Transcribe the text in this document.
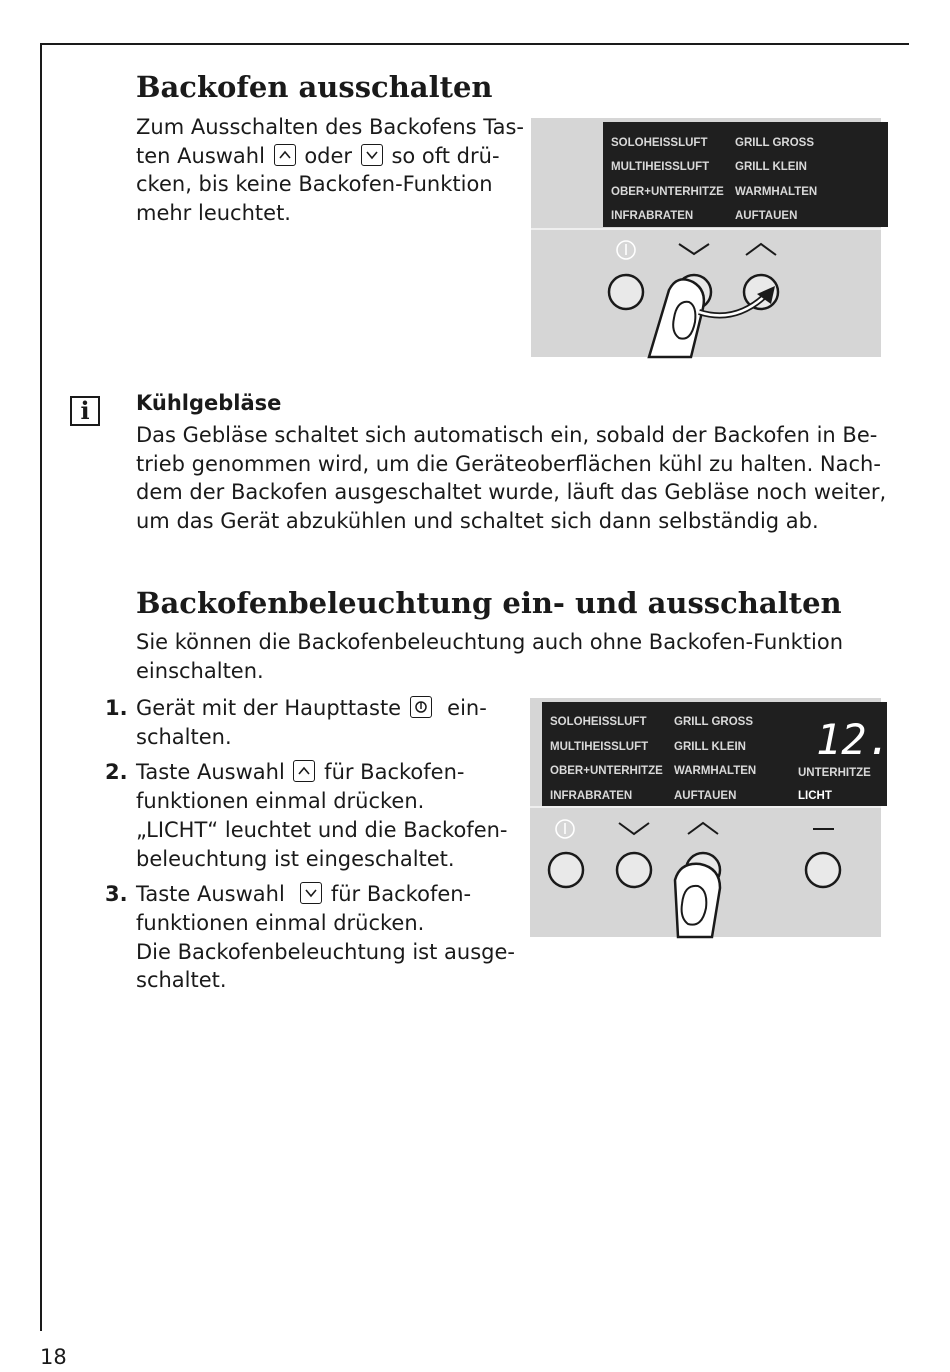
Backofen ausschalten
Zum Ausschalten des Backofens Tas-
ten Auswahl oder so oft drü-
cken, bis keine Backofen-Funktion
mehr leuchtet.
SOLOHEISSLUFT
MULTIHEISSLUFT
OBER+UNTERHITZE
INFRABRATEN
GRILL GROSS
GRILL KLEIN
WARMHALTEN
AUFTAUEN
i	Kühlgebläse
Das Gebläse schaltet sich automatisch ein, sobald der Backofen in Be-
trieb genommen wird, um die Geräteoberflächen kühl zu halten. Nach-
dem der Backofen ausgeschaltet wurde, läuft das Gebläse noch weiter,
um das Gerät abzukühlen und schaltet sich dann selbständig ab.
Backofenbeleuchtung ein- und ausschalten
Sie können die Backofenbeleuchtung auch ohne Backofen-Funktion
einschalten.
1. Gerät mit der Haupttaste ein-
schalten.
2. Taste Auswahl für Backofen-
funktionen einmal drücken.
„LICHT“ leuchtet und die Backofen-
beleuchtung ist eingeschaltet.
3. Taste Auswahl für Backofen-
funktionen einmal drücken.
Die Backofenbeleuchtung ist ausge-
schaltet.
SOLOHEISSLUFT
MULTIHEISSLUFT
OBER+UNTERHITZE
INFRABRATEN
GRILL GROSS
GRILL KLEIN
WARMHALTEN
AUFTAUEN
UNTERHITZE
LICHT
12.0
18
